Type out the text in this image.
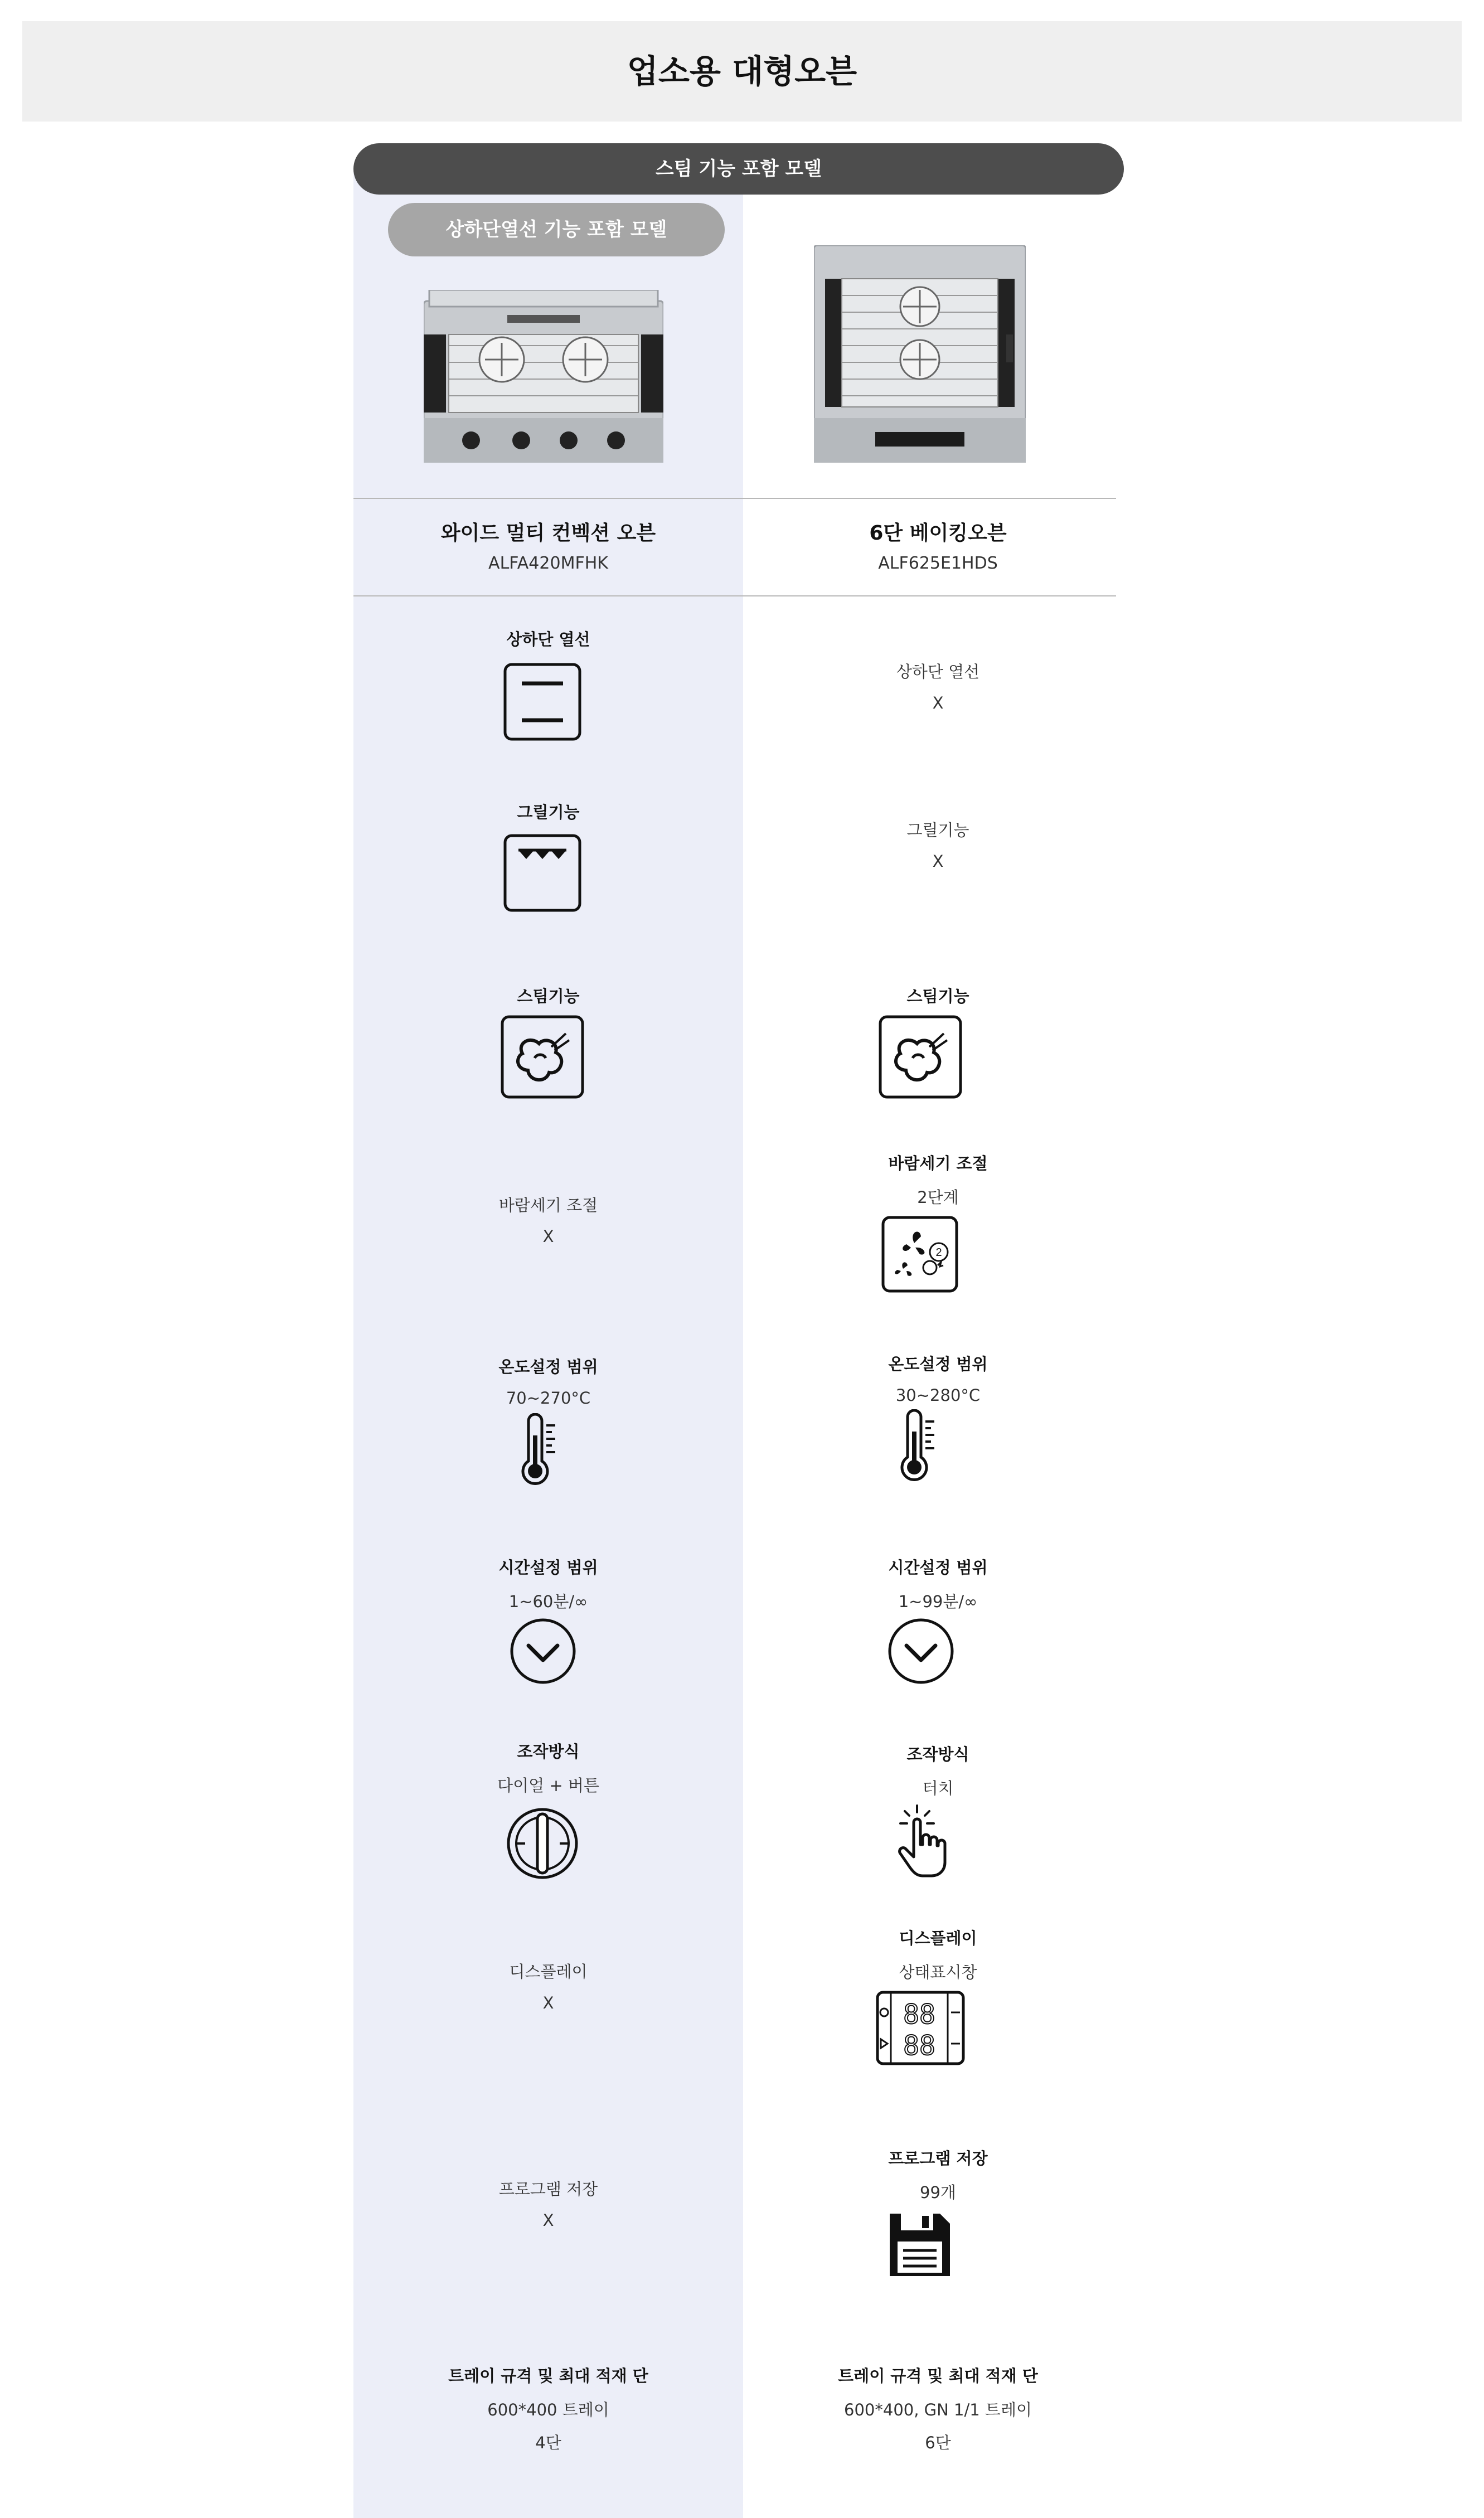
업소용 대형오븐
스팀 기능 포함 모델
상하단열선 기능 포함 모델
와이드 멀티 컨벡션 오븐
ALFA420MFHK
6단 베이킹오븐
ALF625E1HDS
상하단 열선
상하단 열선
X
그릴기능
그릴기능
X
스팀기능	스팀기능
바람세기 조절
X
바람세기 조절
2단계
2
온도설정 범위
70~270°C
온도설정 범위
30~280°C
시간설정 범위
1~60분/∞
시간설정 범위
1~99분/∞
조작방식
다이얼 + 버튼
조작방식
터치
디스플레이
X
디스플레이
상태표시창
88
88
프로그램 저장
X
프로그램 저장
99개
트레이 규격 및 최대 적재 단
600*400 트레이
4단
트레이 규격 및 최대 적재 단
600*400, GN 1/1 트레이
6단
